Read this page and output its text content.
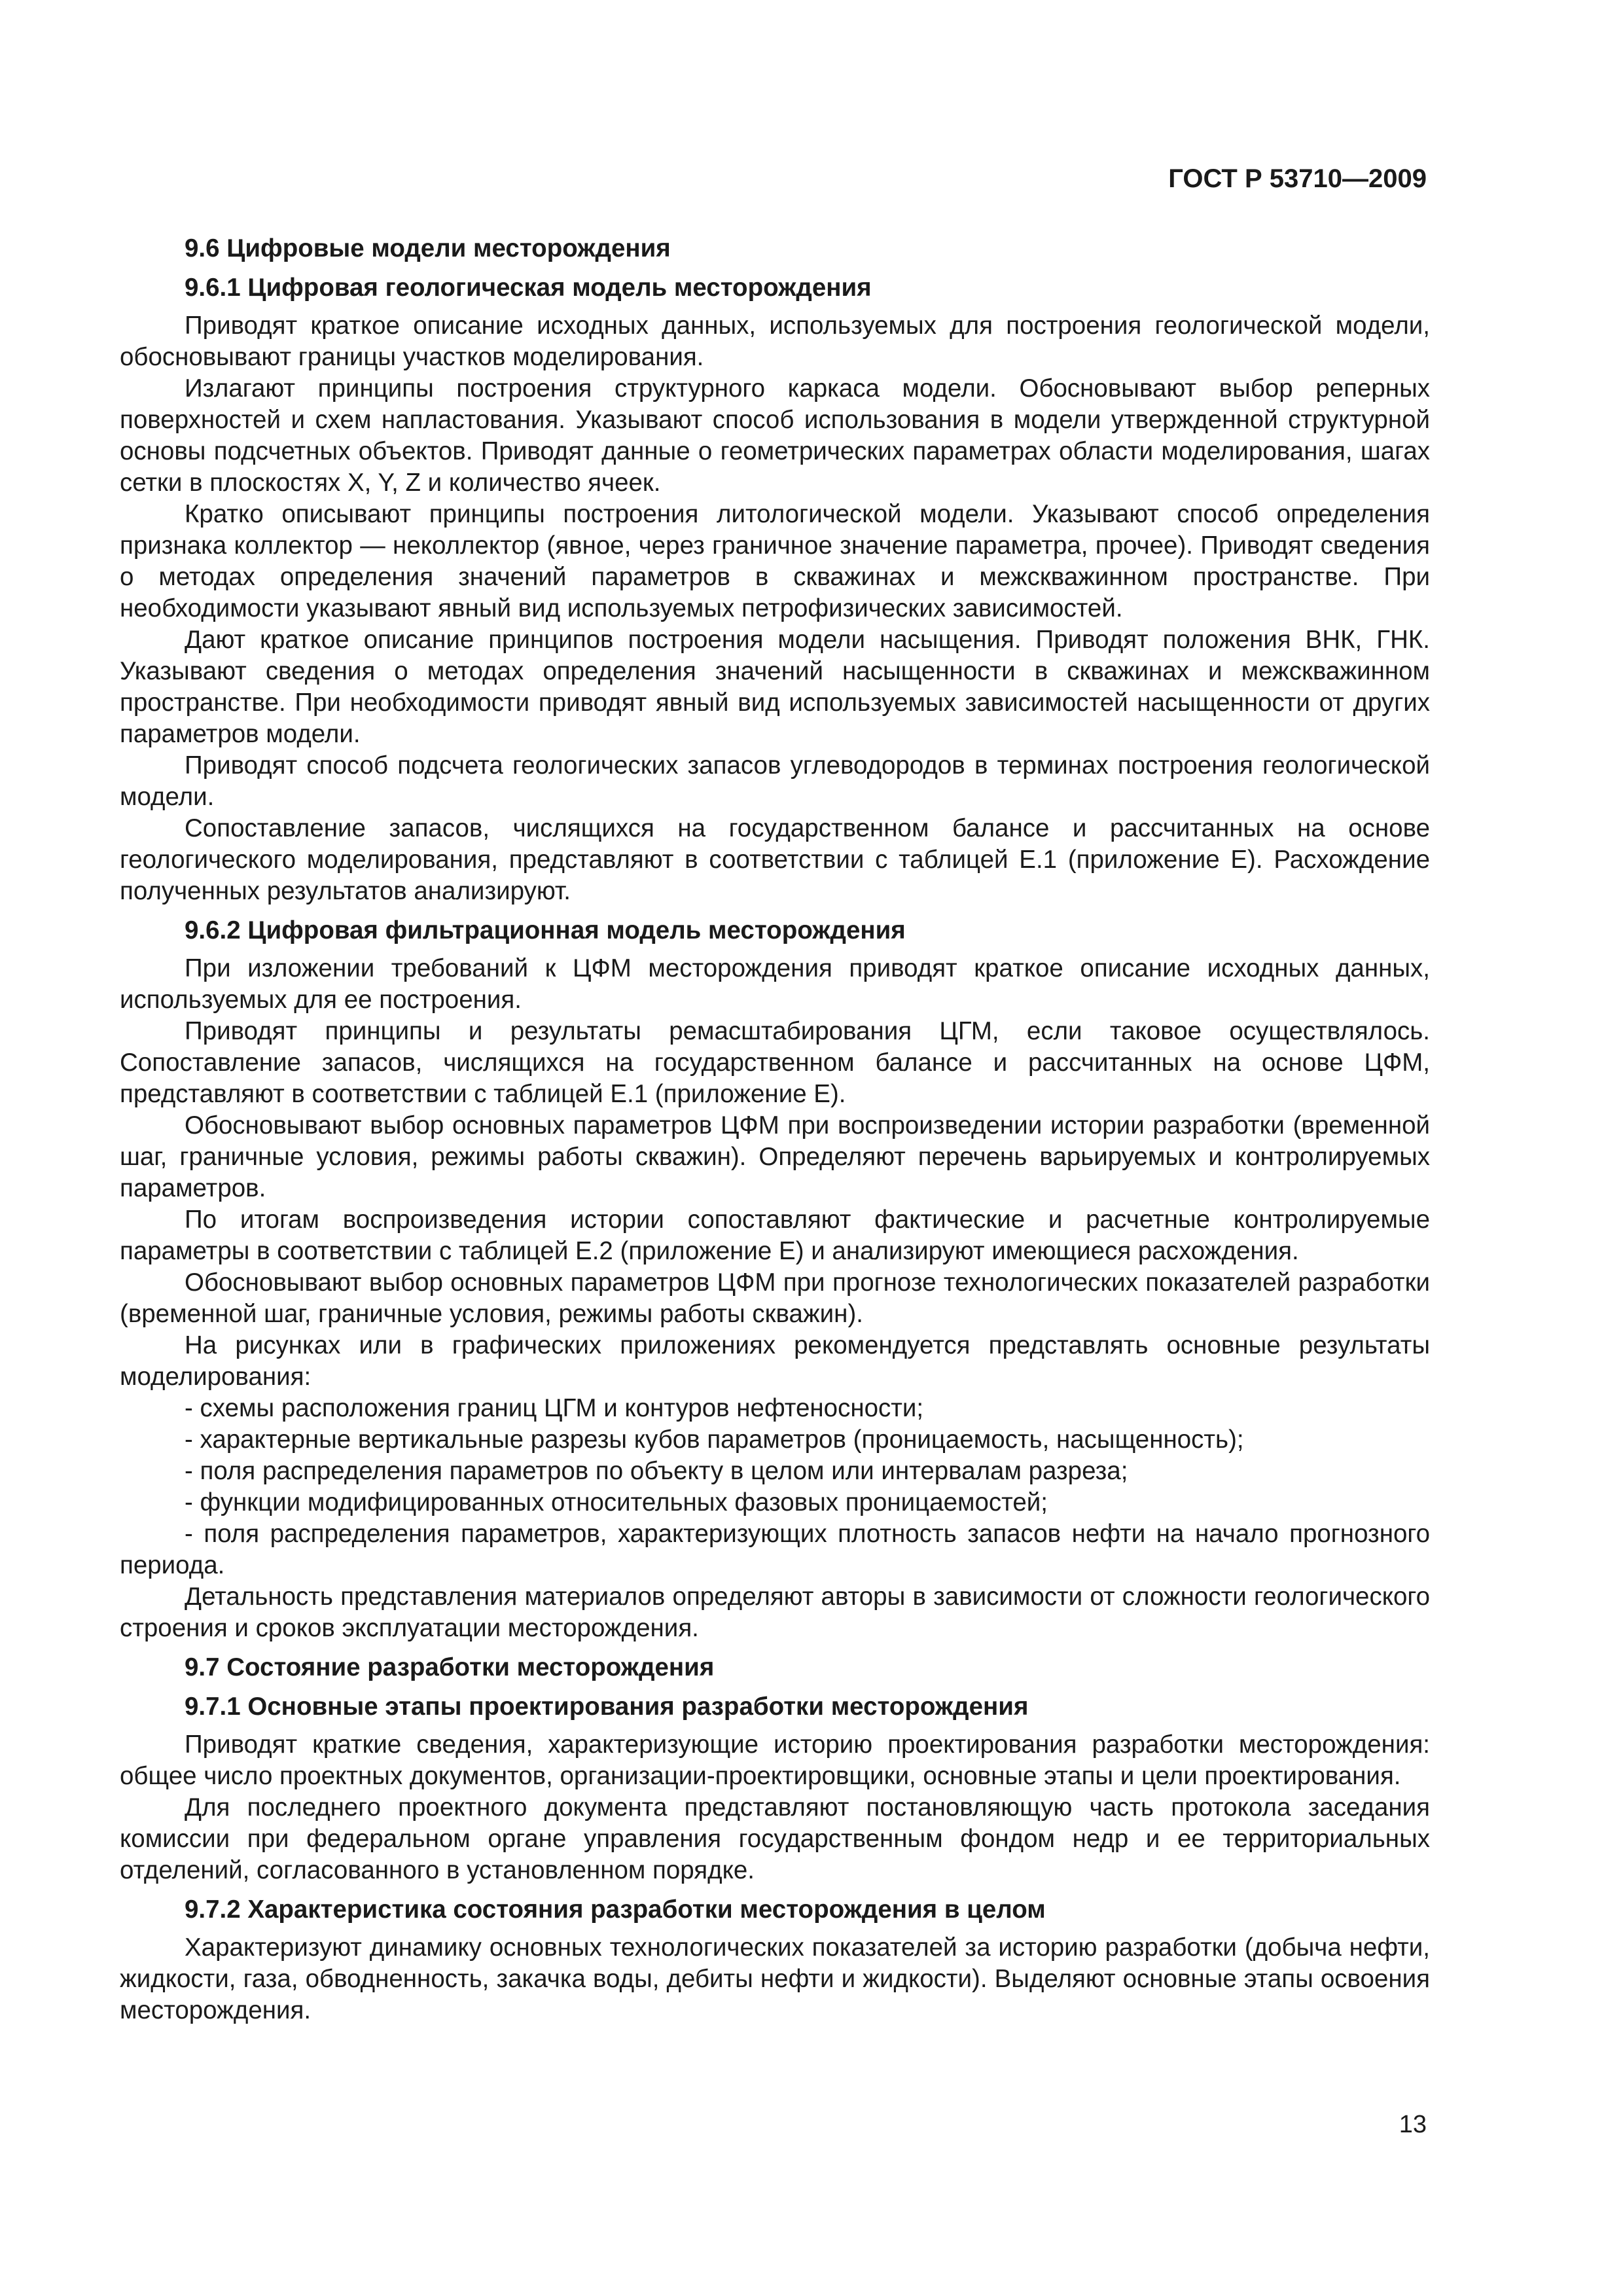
ГОСТ Р 53710—2009
9.6 Цифровые модели месторождения
9.6.1 Цифровая геологическая модель месторождения

Приводят краткое описание исходных данных, используемых для построения геологической модели, обосновывают границы участков моделирования.

Излагают принципы построения структурного каркаса модели. Обосновывают выбор реперных поверхностей и схем напластования. Указывают способ использования в модели утвержденной структурной основы подсчетных объектов. Приводят данные о геометрических параметрах области моделирования, шагах сетки в плоскостях X, Y, Z и количество ячеек.

Кратко описывают принципы построения литологической модели. Указывают способ определения признака коллектор — неколлектор (явное, через граничное значение параметра, прочее). Приводят сведения о методах определения значений параметров в скважинах и межскважинном пространстве. При необходимости указывают явный вид используемых петрофизических зависимостей.

Дают краткое описание принципов построения модели насыщения. Приводят положения ВНК, ГНК. Указывают сведения о методах определения значений насыщенности в скважинах и межскважинном пространстве. При необходимости приводят явный вид используемых зависимостей насыщенности от других параметров модели.

Приводят способ подсчета геологических запасов углеводородов в терминах построения геологической модели.

Сопоставление запасов, числящихся на государственном балансе и рассчитанных на основе геологического моделирования, представляют в соответствии с таблицей Е.1 (приложение Е). Расхождение полученных результатов анализируют.

9.6.2 Цифровая фильтрационная модель месторождения

При изложении требований к ЦФМ месторождения приводят краткое описание исходных данных, используемых для ее построения.

Приводят принципы и результаты ремасштабирования ЦГМ, если таковое осуществлялось. Сопоставление запасов, числящихся на государственном балансе и рассчитанных на основе ЦФМ, представляют в соответствии с таблицей Е.1 (приложение Е).

Обосновывают выбор основных параметров ЦФМ при воспроизведении истории разработки (временной шаг, граничные условия, режимы работы скважин). Определяют перечень варьируемых и контролируемых параметров.

По итогам воспроизведения истории сопоставляют фактические и расчетные контролируемые параметры в соответствии с таблицей Е.2 (приложение Е) и анализируют имеющиеся расхождения.

Обосновывают выбор основных параметров ЦФМ при прогнозе технологических показателей разработки (временной шаг, граничные условия, режимы работы скважин).

На рисунках или в графических приложениях рекомендуется представлять основные результаты моделирования:

- схемы расположения границ ЦГМ и контуров нефтеносности;

- характерные вертикальные разрезы кубов параметров (проницаемость, насыщенность);

- поля распределения параметров по объекту в целом или интервалам разреза;

- функции модифицированных относительных фазовых проницаемостей;

- поля распределения параметров, характеризующих плотность запасов нефти на начало прогнозного периода.

Детальность представления материалов определяют авторы в зависимости от сложности геологического строения и сроков эксплуатации месторождения.

9.7 Состояние разработки месторождения
9.7.1 Основные этапы проектирования разработки месторождения

Приводят краткие сведения, характеризующие историю проектирования разработки месторождения: общее число проектных документов, организации-проектировщики, основные этапы и цели проектирования.

Для последнего проектного документа представляют постановляющую часть протокола заседания комиссии при федеральном органе управления государственным фондом недр и ее территориальных отделений, согласованного в установленном порядке.

9.7.2 Характеристика состояния разработки месторождения в целом

Характеризуют динамику основных технологических показателей за историю разработки (добыча нефти, жидкости, газа, обводненность, закачка воды, дебиты нефти и жидкости). Выделяют основные этапы освоения месторождения.

13
